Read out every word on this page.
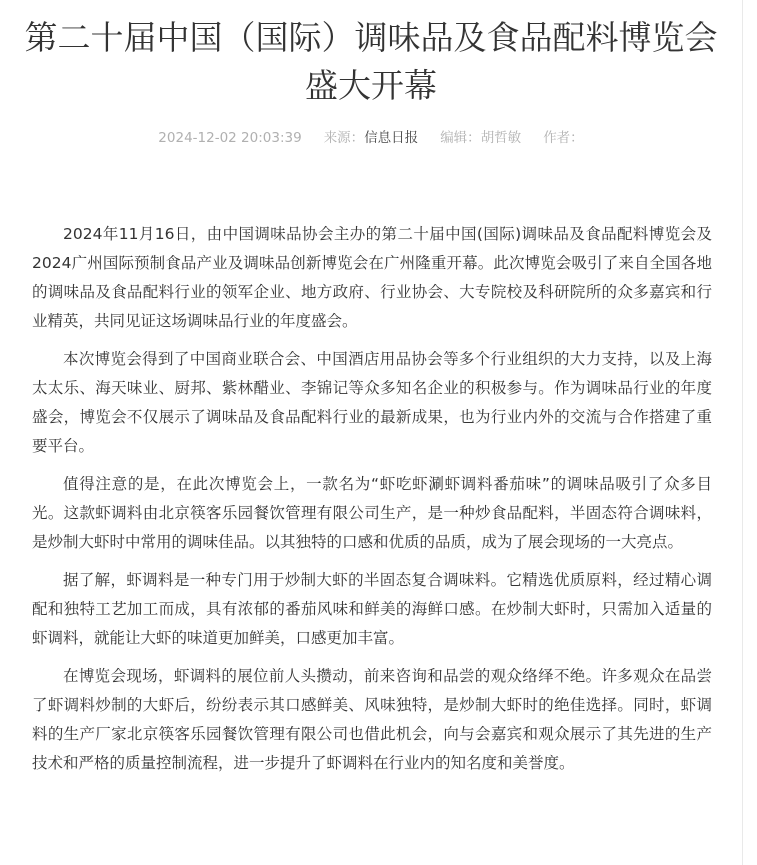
第二十届中国（国际）调味品及食品配料博览会盛大开幕
2024-12-02 20:03:39 来源：信息日报 编辑：胡哲敏 作者：

2024年11月16日，由中国调味品协会主办的第二十届中国(国际)调味品及食品配料博览会及2024广州国际预制食品产业及调味品创新博览会在广州隆重开幕。此次博览会吸引了来自全国各地的调味品及食品配料行业的领军企业、地方政府、行业协会、大专院校及科研院所的众多嘉宾和行业精英，共同见证这场调味品行业的年度盛会。

本次博览会得到了中国商业联合会、中国酒店用品协会等多个行业组织的大力支持，以及上海太太乐、海天味业、厨邦、紫林醋业、李锦记等众多知名企业的积极参与。作为调味品行业的年度盛会，博览会不仅展示了调味品及食品配料行业的最新成果，也为行业内外的交流与合作搭建了重要平台。

值得注意的是，在此次博览会上，一款名为“虾吃虾涮虾调料番茄味”的调味品吸引了众多目光。这款虾调料由北京筷客乐园餐饮管理有限公司生产，是一种炒食品配料，半固态符合调味料，是炒制大虾时中常用的调味佳品。以其独特的口感和优质的品质，成为了展会现场的一大亮点。

据了解，虾调料是一种专门用于炒制大虾的半固态复合调味料。它精选优质原料，经过精心调配和独特工艺加工而成，具有浓郁的番茄风味和鲜美的海鲜口感。在炒制大虾时，只需加入适量的虾调料，就能让大虾的味道更加鲜美，口感更加丰富。

在博览会现场，虾调料的展位前人头攒动，前来咨询和品尝的观众络绎不绝。许多观众在品尝了虾调料炒制的大虾后，纷纷表示其口感鲜美、风味独特，是炒制大虾时的绝佳选择。同时，虾调料的生产厂家北京筷客乐园餐饮管理有限公司也借此机会，向与会嘉宾和观众展示了其先进的生产技术和严格的质量控制流程，进一步提升了虾调料在行业内的知名度和美誉度。
